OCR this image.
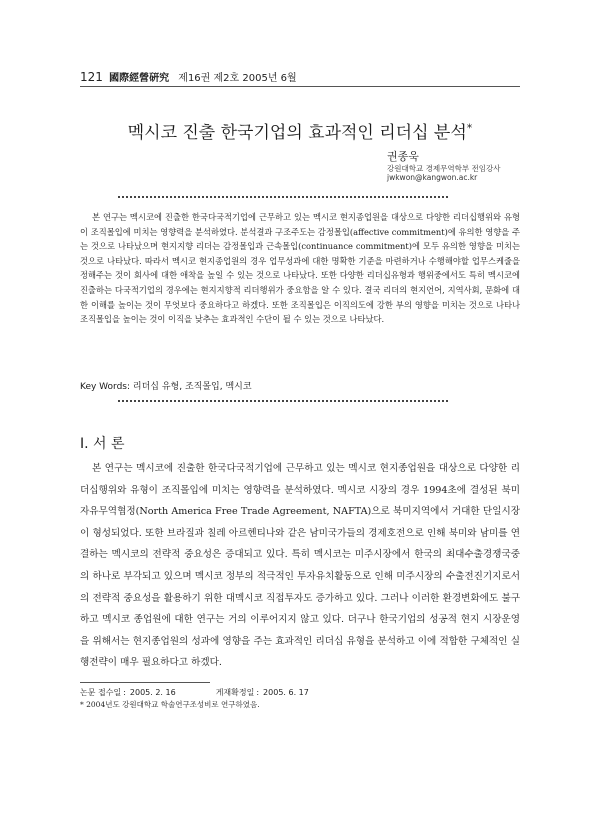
121 國際經營硏究 제16권 제2호 2005년 6월
멕시코 진출 한국기업의 효과적인 리더십 분석*
권종욱
강원대학교 경제무역학부 전임강사
jwkwon@kangwon.ac.kr

본 연구는 멕시코에 진출한 한국다국적기업에 근무하고 있는 멕시코 현지종업원을 대상으로 다양한 리더십행위와 유형이 조직몰입에 미치는 영향력을 분석하였다. 분석결과 구조주도는 감정몰입(affective commitment)에 유의한 영향을 주는 것으로 나타났으며 현지지향 리더는 감정몰입과 근속몰입(continuance commitment)에 모두 유의한 영향을 미치는 것으로 나타났다. 따라서 멕시코 현지종업원의 경우 업무성과에 대한 명확한 기준을 마련하거나 수행해야할 업무스케줄을 정해주는 것이 회사에 대한 애착을 높일 수 있는 것으로 나타났다. 또한 다양한 리더십유형과 행위중에서도 특히 멕시코에 진출하는 다국적기업의 경우에는 현지지향적 리더행위가 중요함을 알 수 있다. 결국 리더의 현지언어, 지역사회, 문화에 대한 이해를 높이는 것이 무엇보다 중요하다고 하겠다. 또한 조직몰입은 이직의도에 강한 부의 영향을 미치는 것으로 나타나 조직몰입을 높이는 것이 이직을 낮추는 효과적인 수단이 될 수 있는 것으로 나타났다.

Key Words: 리더십 유형, 조직몰입, 멕시코
Ⅰ. 서 론

본 연구는 멕시코에 진출한 한국다국적기업에 근무하고 있는 멕시코 현지종업원을 대상으로 다양한 리더십행위와 유형이 조직몰입에 미치는 영향력을 분석하였다. 멕시코 시장의 경우 1994초에 결성된 북미자유무역협정(North America Free Trade Agreement, NAFTA)으로 북미지역에서 거대한 단일시장이 형성되었다. 또한 브라질과 칠레 아르헨티나와 같은 남미국가들의 경제호전으로 인해 북미와 남미를 연결하는 멕시코의 전략적 중요성은 증대되고 있다. 특히 멕시코는 미주시장에서 한국의 최대수출경쟁국중의 하나로 부각되고 있으며 멕시코 정부의 적극적인 투자유치활동으로 인해 미주시장의 수출전진기지로서의 전략적 중요성을 활용하기 위한 대멕시코 직접투자도 증가하고 있다. 그러나 이러한 환경변화에도 불구하고 멕시코 종업원에 대한 연구는 거의 이루어지지 않고 있다. 더구나 한국기업의 성공적 현지 시장운영을 위해서는 현지종업원의 성과에 영향을 주는 효과적인 리더십 유형을 분석하고 이에 적합한 구체적인 실행전략이 매우 필요하다고 하겠다.

논문 접수일 : 2005. 2. 16	게재확정일 : 2005. 6. 17
* 2004년도 강원대학교 학술연구조성비로 연구하였음.
